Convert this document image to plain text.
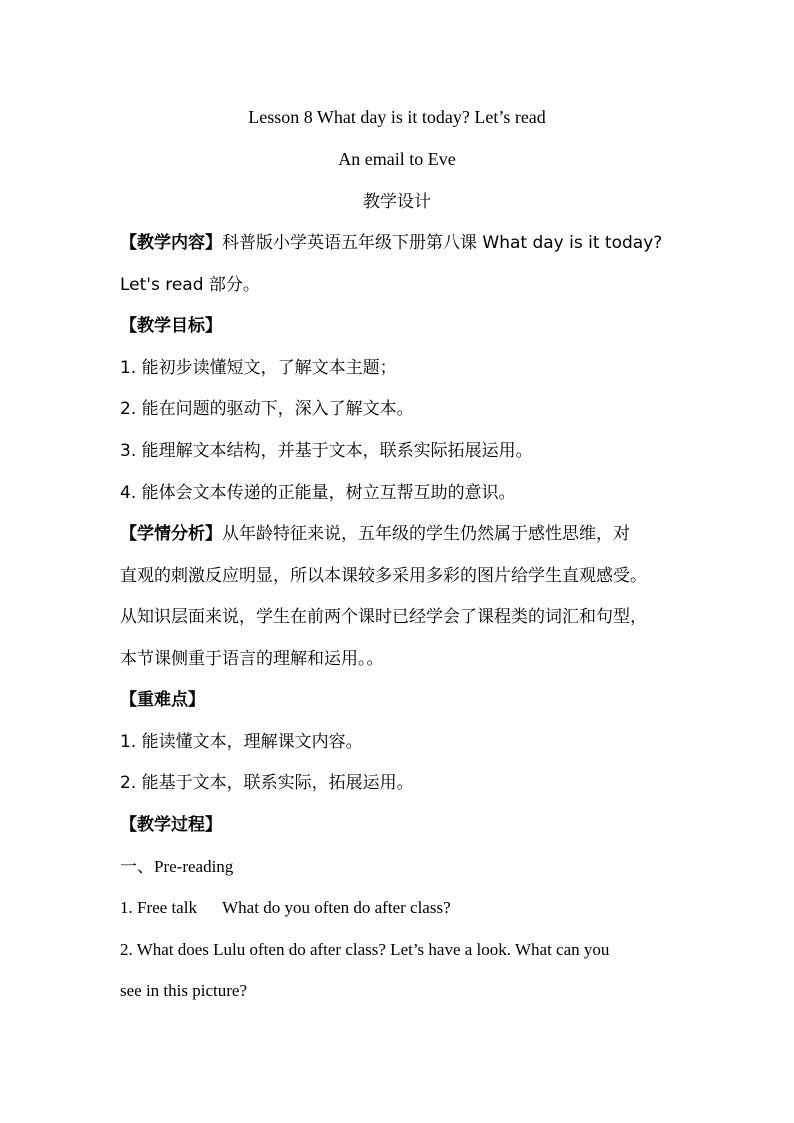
Lesson 8 What day is it today? Let’s read
An email to Eve
教学设计
【教学内容】科普版小学英语五年级下册第八课 What day is it today?
Let's read 部分。
【教学目标】
1. 能初步读懂短文，了解文本主题；
2. 能在问题的驱动下，深入了解文本。
3. 能理解文本结构，并基于文本，联系实际拓展运用。
4. 能体会文本传递的正能量，树立互帮互助的意识。
【学情分析】从年龄特征来说，五年级的学生仍然属于感性思维，对
直观的刺激反应明显，所以本课较多采用多彩的图片给学生直观感受。
从知识层面来说，学生在前两个课时已经学会了课程类的词汇和句型，
本节课侧重于语言的理解和运用。。
【重难点】
1. 能读懂文本，理解课文内容。
2. 能基于文本，联系实际，拓展运用。
【教学过程】
一、Pre-reading
1. Free talk      What do you often do after class?
2. What does Lulu often do after class? Let’s have a look. What can you
see in this picture?
